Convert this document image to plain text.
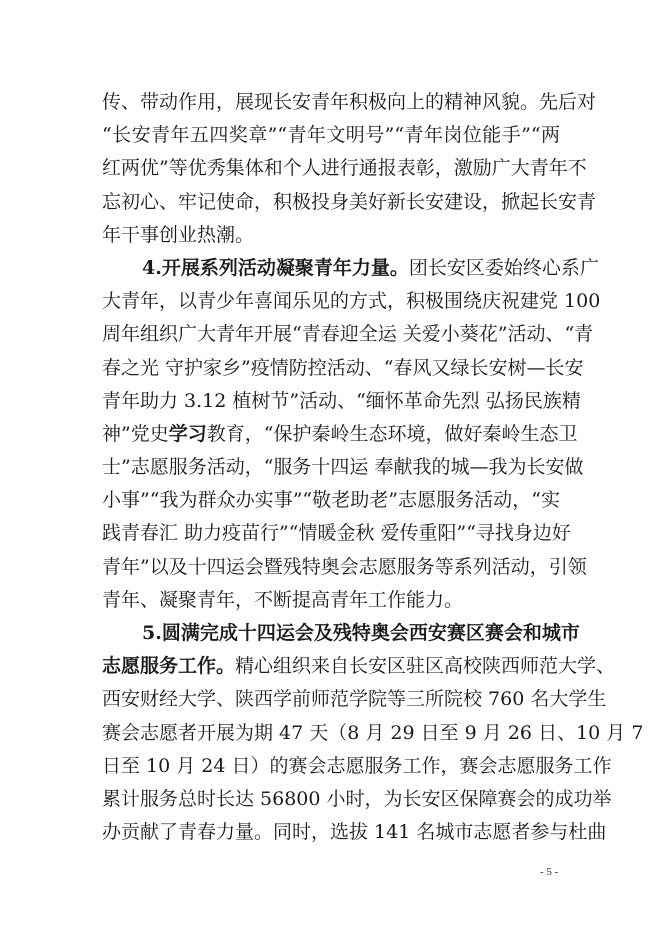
传、带动作用，展现长安青年积极向上的精神风貌。先后对
“长安青年五四奖章”“青年文明号”“青年岗位能手”“两
红两优”等优秀集体和个人进行通报表彰，激励广大青年不
忘初心、牢记使命，积极投身美好新长安建设，掀起长安青
年干事创业热潮。
4.开展系列活动凝聚青年力量。团长安区委始终心系广
大青年，以青少年喜闻乐见的方式，积极围绕庆祝建党 100
周年组织广大青年开展“青春迎全运 关爱小葵花”活动、“青
春之光 守护家乡”疫情防控活动、“春风又绿长安树—长安
青年助力 3.12 植树节”活动、“缅怀革命先烈 弘扬民族精
神”党史学习教育，“保护秦岭生态环境，做好秦岭生态卫
士”志愿服务活动，“服务十四运 奉献我的城—我为长安做
小事”“我为群众办实事”“敬老助老”志愿服务活动，“实
践青春汇 助力疫苗行”“情暖金秋 爱传重阳”“寻找身边好
青年”以及十四运会暨残特奥会志愿服务等系列活动，引领
青年、凝聚青年，不断提高青年工作能力。
5.圆满完成十四运会及残特奥会西安赛区赛会和城市
志愿服务工作。精心组织来自长安区驻区高校陕西师范大学、
西安财经大学、陕西学前师范学院等三所院校 760 名大学生
赛会志愿者开展为期 47 天（8 月 29 日至 9 月 26 日、10 月 7
日至 10 月 24 日）的赛会志愿服务工作，赛会志愿服务工作
累计服务总时长达 56800 小时，为长安区保障赛会的成功举
办贡献了青春力量。同时，选拔 141 名城市志愿者参与杜曲
- 5 -
